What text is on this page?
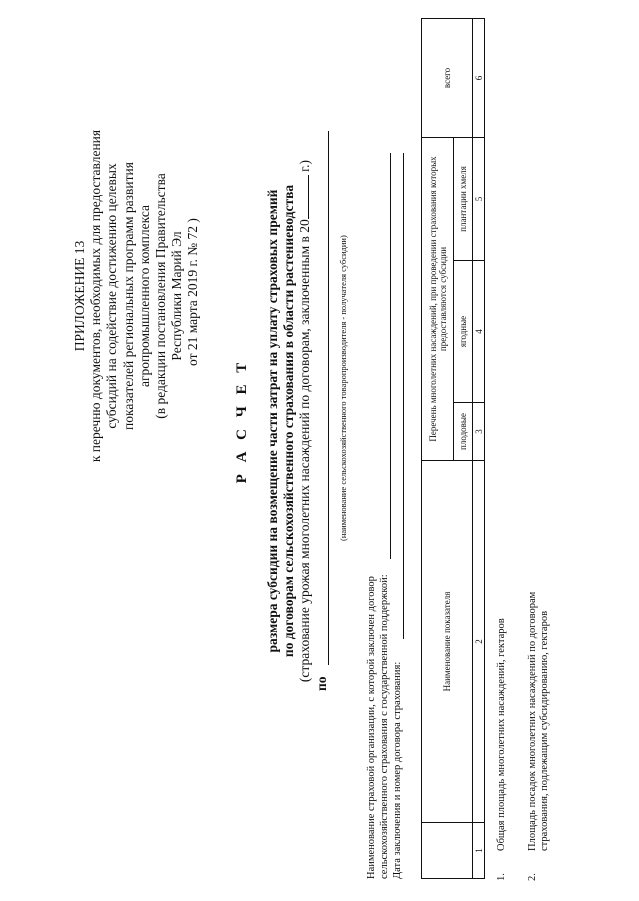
ПРИЛОЖЕНИЕ 13 к перечню документов, необходимых для предоставления субсидий на содействие достижению целевых показателей региональных программ развития агропромышленного комплекса (в редакции постановления Правительства Республики Марий Эл от 21 марта 2019 г. № 72 )
Р А С Ч Е Т размера субсидии на возмещение части затрат на уплату страховых премий по договорам сельскохозяйственного страхования в области растениеводства (страхование урожая многолетних насаждений по договорам, заключенным в 20 г.)
по
(наименование сельскохозяйственного товаропроизводителя - получателя субсидии)
Наименование страховой организации, с которой заключен договор сельскохозяйственного страхования с государственной поддержкой: Дата заключения и номер договора страхования:
	Наименование показателя	Перечень многолетних насаждений, при проведении страхования которых предоставляются субсидии			всего
		плодовые	ягодные	плантации хмеля	
1	2	3	4	5	6
1.Общая площадь многолетних насаждений, гектаров
2.Площадь посадок многолетних насаждений по договорам страхования, подлежащим субсидированию, гектаров
